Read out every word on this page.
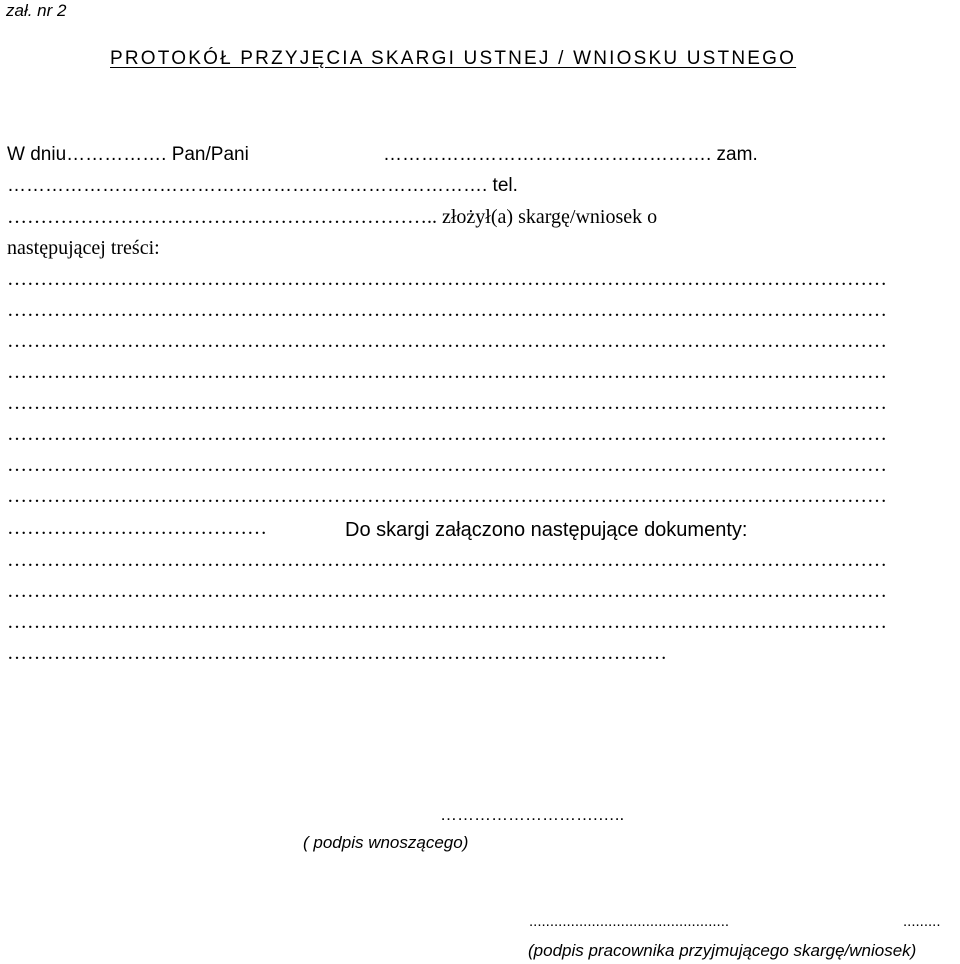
zał. nr 2
PROTOKÓŁ PRZYJĘCIA SKARGI USTNEJ / WNIOSKU USTNEGO
W dniu……………. Pan/Pani	……………………………………………. zam.
…………………………………………………………………. tel.
……………………………………………………….. złożył(a) skargę/wniosek o
następującej treści:
……………………………………………………………………………………………………………………
……………………………………………………………………………………………………………………
……………………………………………………………………………………………………………………
……………………………………………………………………………………………………………………
……………………………………………………………………………………………………………………
……………………………………………………………………………………………………………………
……………………………………………………………………………………………………………………
……………………………………………………………………………………………………………………
…………………………………	Do skargi załączono następujące dokumenty:
……………………………………………………………………………………………………………………
……………………………………………………………………………………………………………………
……………………………………………………………………………………………………………………
………………………………………………………………………………………
……………………….…..
( podpis wnoszącego)
................................................	.........
(podpis pracownika przyjmującego skargę/wniosek)
